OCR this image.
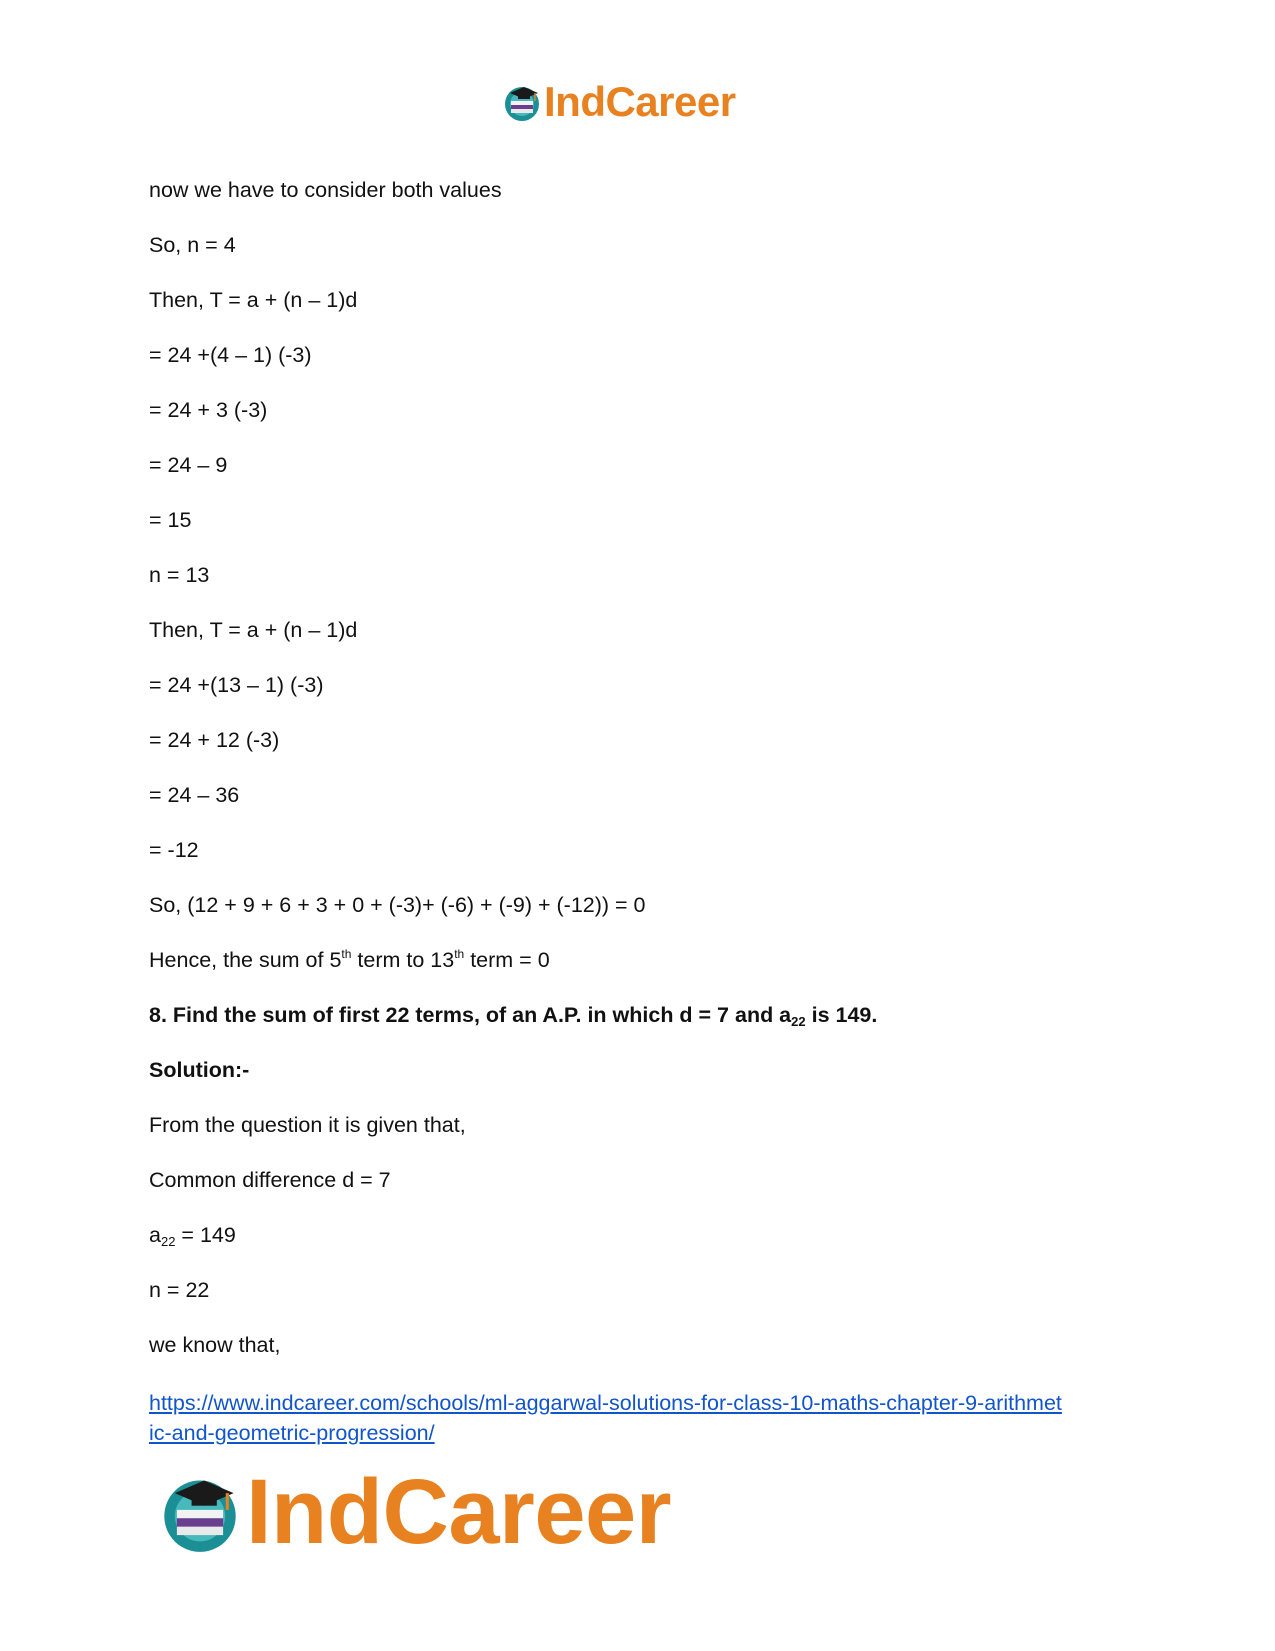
IndCareer
now we have to consider both values
So, n = 4
Then, T = a + (n – 1)d
= 24 +(4 – 1) (-3)
= 24 + 3 (-3)
= 24 – 9
= 15
n = 13
Then, T = a + (n – 1)d
= 24 +(13 – 1) (-3)
= 24 + 12 (-3)
= 24 – 36
= -12
So, (12 + 9 + 6 + 3 + 0 + (-3)+ (-6) + (-9) + (-12)) = 0
Hence, the sum of 5th term to 13th term = 0
8. Find the sum of first 22 terms, of an A.P. in which d = 7 and $a_{22}$ is 149.
Solution:-
From the question it is given that,
Common difference d = 7
$a_{22} = 149$
n = 22
we know that,
https://www.indcareer.com/schools/ml-aggarwal-solutions-for-class-10-maths-chapter-9-arithmet
ic-and-geometric-progression/
IndCareer
